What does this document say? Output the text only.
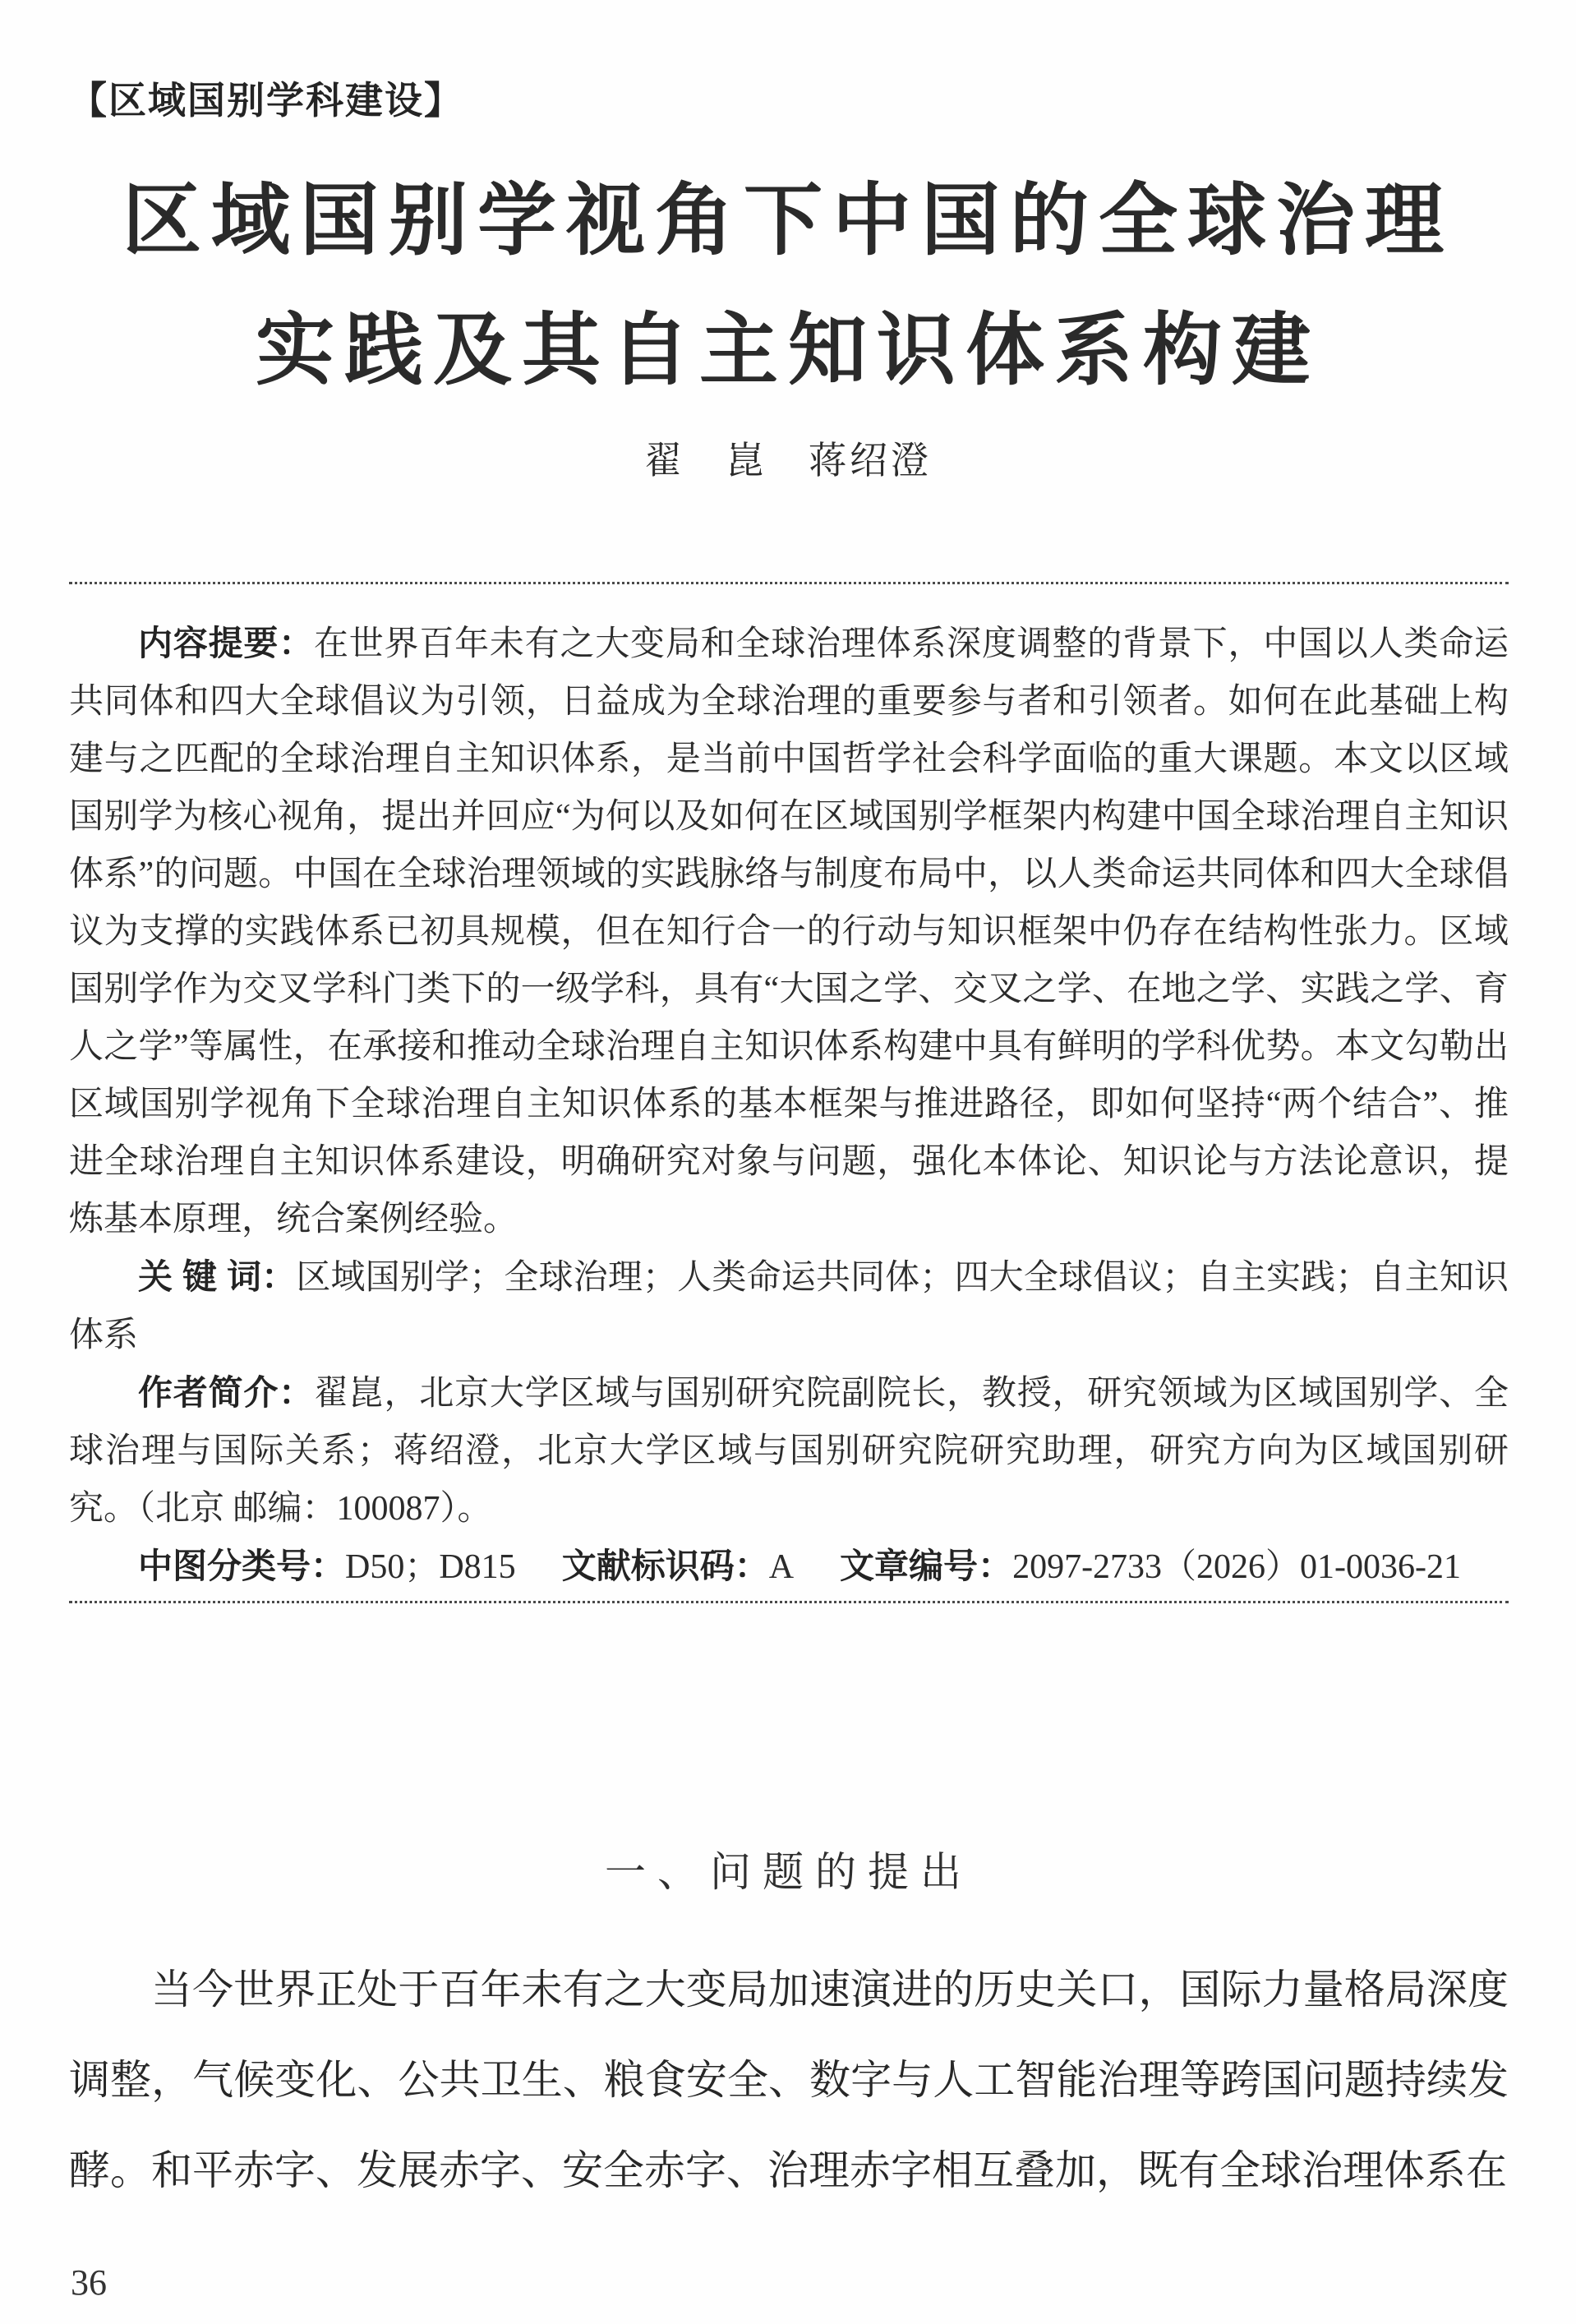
【区域国别学科建设】
区域国别学视角下中国的全球治理
实践及其自主知识体系构建
翟　崑　蒋绍澄

内容提要：在世界百年未有之大变局和全球治理体系深度调整的背景下，中国以人类命运共同体和四大全球倡议为引领，日益成为全球治理的重要参与者和引领者。如何在此基础上构建与之匹配的全球治理自主知识体系，是当前中国哲学社会科学面临的重大课题。本文以区域国别学为核心视角，提出并回应“为何以及如何在区域国别学框架内构建中国全球治理自主知识体系”的问题。中国在全球治理领域的实践脉络与制度布局中，以人类命运共同体和四大全球倡议为支撑的实践体系已初具规模，但在知行合一的行动与知识框架中仍存在结构性张力。区域国别学作为交叉学科门类下的一级学科，具有“大国之学、交叉之学、在地之学、实践之学、育人之学”等属性，在承接和推动全球治理自主知识体系构建中具有鲜明的学科优势。本文勾勒出区域国别学视角下全球治理自主知识体系的基本框架与推进路径，即如何坚持“两个结合”、推进全球治理自主知识体系建设，明确研究对象与问题，强化本体论、知识论与方法论意识，提炼基本原理，统合案例经验。

关 键 词：区域国别学；全球治理；人类命运共同体；四大全球倡议；自主实践；自主知识体系

作者简介：翟崑，北京大学区域与国别研究院副院长，教授，研究领域为区域国别学、全球治理与国际关系；蒋绍澄，北京大学区域与国别研究院研究助理，研究方向为区域国别研究。（北京 邮编：100087）。

中图分类号：D50；D815 文献标识码：A 文章编号：2097-2733（2026）01-0036-21

一、问题的提出

当今世界正处于百年未有之大变局加速演进的历史关口，国际力量格局深度调整，气候变化、公共卫生、粮食安全、数字与人工智能治理等跨国问题持续发酵。和平赤字、发展赤字、安全赤字、治理赤字相互叠加，既有全球治理体系在

36
